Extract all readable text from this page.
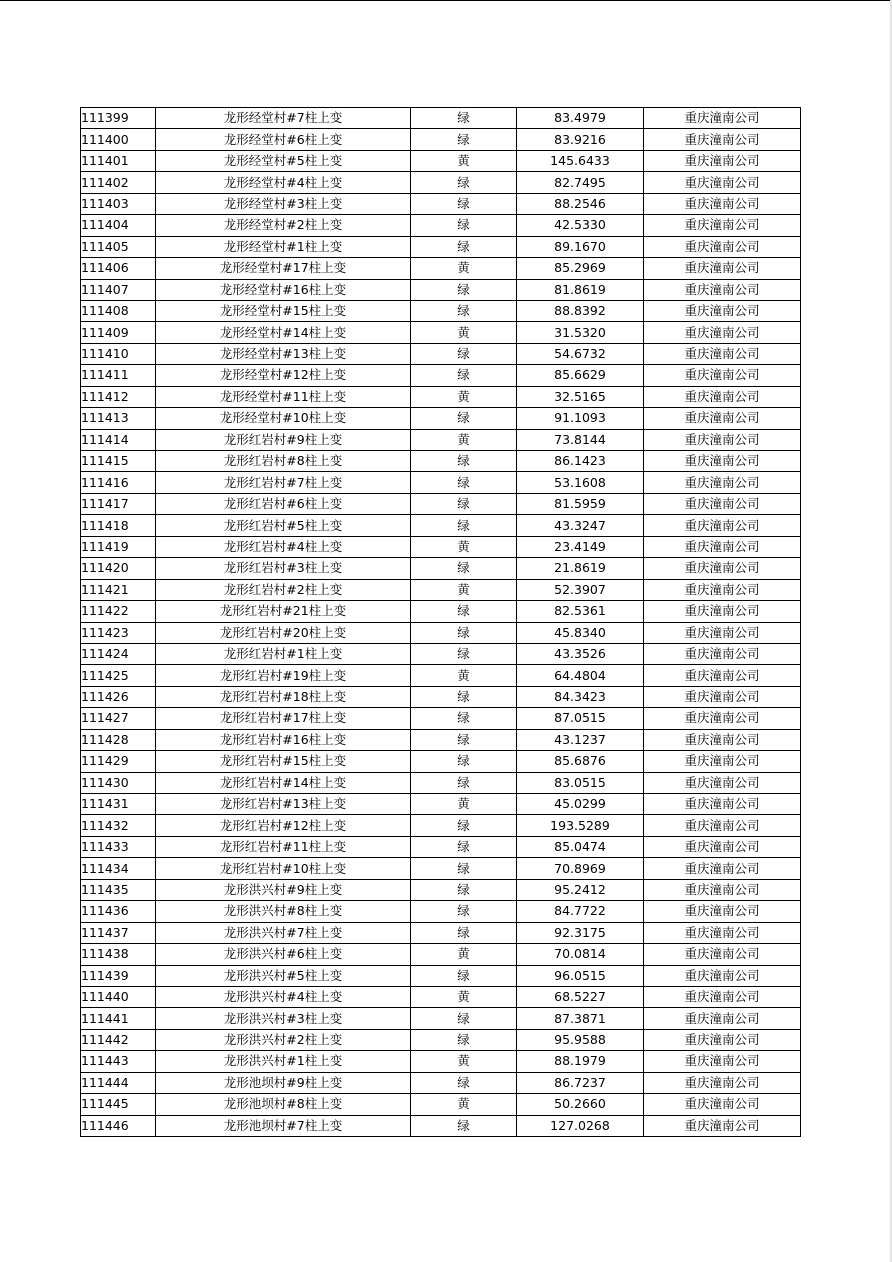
111399	龙形经堂村#7柱上变	绿	83.4979	重庆潼南公司
111400	龙形经堂村#6柱上变	绿	83.9216	重庆潼南公司
111401	龙形经堂村#5柱上变	黄	145.6433	重庆潼南公司
111402	龙形经堂村#4柱上变	绿	82.7495	重庆潼南公司
111403	龙形经堂村#3柱上变	绿	88.2546	重庆潼南公司
111404	龙形经堂村#2柱上变	绿	42.5330	重庆潼南公司
111405	龙形经堂村#1柱上变	绿	89.1670	重庆潼南公司
111406	龙形经堂村#17柱上变	黄	85.2969	重庆潼南公司
111407	龙形经堂村#16柱上变	绿	81.8619	重庆潼南公司
111408	龙形经堂村#15柱上变	绿	88.8392	重庆潼南公司
111409	龙形经堂村#14柱上变	黄	31.5320	重庆潼南公司
111410	龙形经堂村#13柱上变	绿	54.6732	重庆潼南公司
111411	龙形经堂村#12柱上变	绿	85.6629	重庆潼南公司
111412	龙形经堂村#11柱上变	黄	32.5165	重庆潼南公司
111413	龙形经堂村#10柱上变	绿	91.1093	重庆潼南公司
111414	龙形红岩村#9柱上变	黄	73.8144	重庆潼南公司
111415	龙形红岩村#8柱上变	绿	86.1423	重庆潼南公司
111416	龙形红岩村#7柱上变	绿	53.1608	重庆潼南公司
111417	龙形红岩村#6柱上变	绿	81.5959	重庆潼南公司
111418	龙形红岩村#5柱上变	绿	43.3247	重庆潼南公司
111419	龙形红岩村#4柱上变	黄	23.4149	重庆潼南公司
111420	龙形红岩村#3柱上变	绿	21.8619	重庆潼南公司
111421	龙形红岩村#2柱上变	黄	52.3907	重庆潼南公司
111422	龙形红岩村#21柱上变	绿	82.5361	重庆潼南公司
111423	龙形红岩村#20柱上变	绿	45.8340	重庆潼南公司
111424	龙形红岩村#1柱上变	绿	43.3526	重庆潼南公司
111425	龙形红岩村#19柱上变	黄	64.4804	重庆潼南公司
111426	龙形红岩村#18柱上变	绿	84.3423	重庆潼南公司
111427	龙形红岩村#17柱上变	绿	87.0515	重庆潼南公司
111428	龙形红岩村#16柱上变	绿	43.1237	重庆潼南公司
111429	龙形红岩村#15柱上变	绿	85.6876	重庆潼南公司
111430	龙形红岩村#14柱上变	绿	83.0515	重庆潼南公司
111431	龙形红岩村#13柱上变	黄	45.0299	重庆潼南公司
111432	龙形红岩村#12柱上变	绿	193.5289	重庆潼南公司
111433	龙形红岩村#11柱上变	绿	85.0474	重庆潼南公司
111434	龙形红岩村#10柱上变	绿	70.8969	重庆潼南公司
111435	龙形洪兴村#9柱上变	绿	95.2412	重庆潼南公司
111436	龙形洪兴村#8柱上变	绿	84.7722	重庆潼南公司
111437	龙形洪兴村#7柱上变	绿	92.3175	重庆潼南公司
111438	龙形洪兴村#6柱上变	黄	70.0814	重庆潼南公司
111439	龙形洪兴村#5柱上变	绿	96.0515	重庆潼南公司
111440	龙形洪兴村#4柱上变	黄	68.5227	重庆潼南公司
111441	龙形洪兴村#3柱上变	绿	87.3871	重庆潼南公司
111442	龙形洪兴村#2柱上变	绿	95.9588	重庆潼南公司
111443	龙形洪兴村#1柱上变	黄	88.1979	重庆潼南公司
111444	龙形池坝村#9柱上变	绿	86.7237	重庆潼南公司
111445	龙形池坝村#8柱上变	黄	50.2660	重庆潼南公司
111446	龙形池坝村#7柱上变	绿	127.0268	重庆潼南公司
